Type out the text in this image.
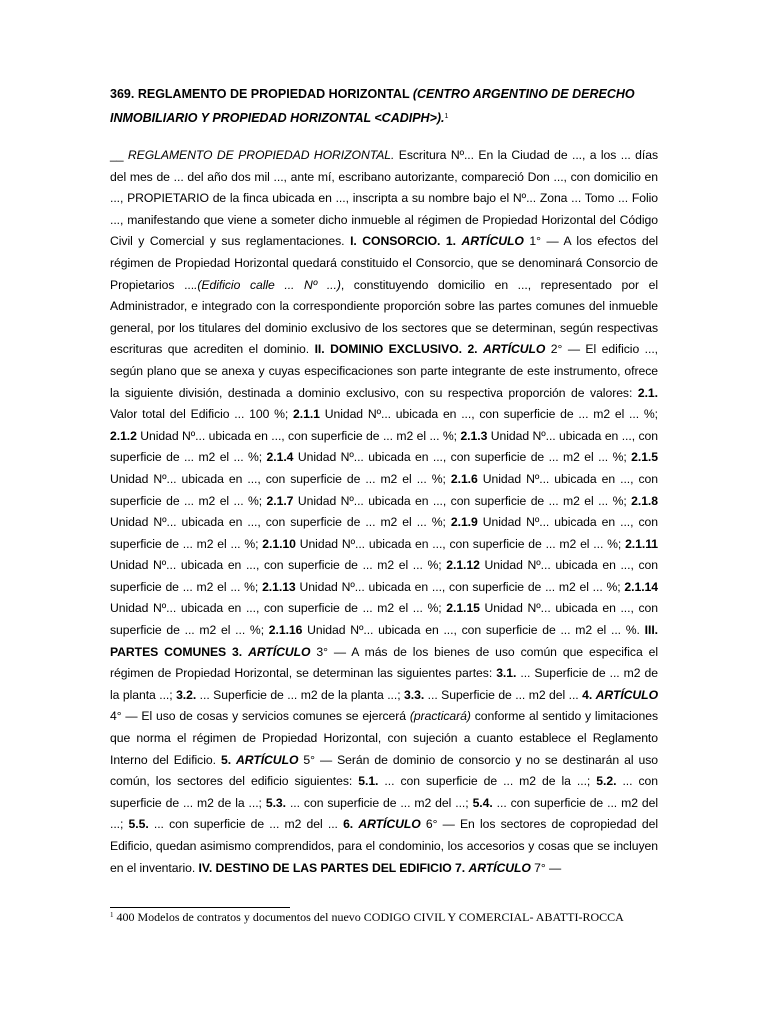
369. REGLAMENTO DE PROPIEDAD HORIZONTAL (CENTRO ARGENTINO DE DERECHO INMOBILIARIO Y PROPIEDAD HORIZONTAL <CADIPH>).$^1$

__ REGLAMENTO DE PROPIEDAD HORIZONTAL. Escritura Nº... En la Ciudad de ..., a los ... días del mes de ... del año dos mil ..., ante mí, escribano autorizante, compareció Don ..., con domicilio en ..., PROPIETARIO de la finca ubicada en ..., inscripta a su nombre bajo el Nº... Zona ... Tomo ... Folio ..., manifestando que viene a someter dicho inmueble al régimen de Propiedad Horizontal del Código Civil y Comercial y sus reglamentaciones. I. CONSORCIO. 1. ARTÍCULO 1° — A los efectos del régimen de Propiedad Horizontal quedará constituido el Consorcio, que se denominará Consorcio de Propietarios ....(Edificio calle ... Nº ...), constituyendo domicilio en ..., representado por el Administrador, e integrado con la correspondiente proporción sobre las partes comunes del inmueble general, por los titulares del dominio exclusivo de los sectores que se determinan, según respectivas escrituras que acrediten el dominio. II. DOMINIO EXCLUSIVO. 2. ARTÍCULO 2° — El edificio ..., según plano que se anexa y cuyas especificaciones son parte integrante de este instrumento, ofrece la siguiente división, destinada a dominio exclusivo, con su respectiva proporción de valores: 2.1. Valor total del Edificio ... 100 %; 2.1.1 Unidad Nº... ubicada en ..., con superficie de ... m2 el ... %; 2.1.2 Unidad Nº... ubicada en ..., con superficie de ... m2 el ... %; 2.1.3 Unidad Nº... ubicada en ..., con superficie de ... m2 el ... %; 2.1.4 Unidad Nº... ubicada en ..., con superficie de ... m2 el ... %; 2.1.5 Unidad Nº... ubicada en ..., con superficie de ... m2 el ... %; 2.1.6 Unidad Nº... ubicada en ..., con superficie de ... m2 el ... %; 2.1.7 Unidad Nº... ubicada en ..., con superficie de ... m2 el ... %; 2.1.8 Unidad Nº... ubicada en ..., con superficie de ... m2 el ... %; 2.1.9 Unidad Nº... ubicada en ..., con superficie de ... m2 el ... %; 2.1.10 Unidad Nº... ubicada en ..., con superficie de ... m2 el ... %; 2.1.11 Unidad Nº... ubicada en ..., con superficie de ... m2 el ... %; 2.1.12 Unidad Nº... ubicada en ..., con superficie de ... m2 el ... %; 2.1.13 Unidad Nº... ubicada en ..., con superficie de ... m2 el ... %; 2.1.14 Unidad Nº... ubicada en ..., con superficie de ... m2 el ... %; 2.1.15 Unidad Nº... ubicada en ..., con superficie de ... m2 el ... %; 2.1.16 Unidad Nº... ubicada en ..., con superficie de ... m2 el ... %. III. PARTES COMUNES 3. ARTÍCULO 3° — A más de los bienes de uso común que especifica el régimen de Propiedad Horizontal, se determinan las siguientes partes: 3.1. ... Superficie de ... m2 de la planta ...; 3.2. ... Superficie de ... m2 de la planta ...; 3.3. ... Superficie de ... m2 del ... 4. ARTÍCULO 4° — El uso de cosas y servicios comunes se ejercerá (practicará) conforme al sentido y limitaciones que norma el régimen de Propiedad Horizontal, con sujeción a cuanto establece el Reglamento Interno del Edificio. 5. ARTÍCULO 5° — Serán de dominio de consorcio y no se destinarán al uso común, los sectores del edificio siguientes: 5.1. ... con superficie de ... m2 de la ...; 5.2. ... con superficie de ... m2 de la ...; 5.3. ... con superficie de ... m2 del ...; 5.4. ... con superficie de ... m2 del ...; 5.5. ... con superficie de ... m2 del ... 6. ARTÍCULO 6° — En los sectores de copropiedad del Edificio, quedan asimismo comprendidos, para el condominio, los accesorios y cosas que se incluyen en el inventario. IV. DESTINO DE LAS PARTES DEL EDIFICIO 7. ARTÍCULO 7° —

$^1$ 400 Modelos de contratos y documentos del nuevo CODIGO CIVIL Y COMERCIAL- ABATTI-ROCCA
